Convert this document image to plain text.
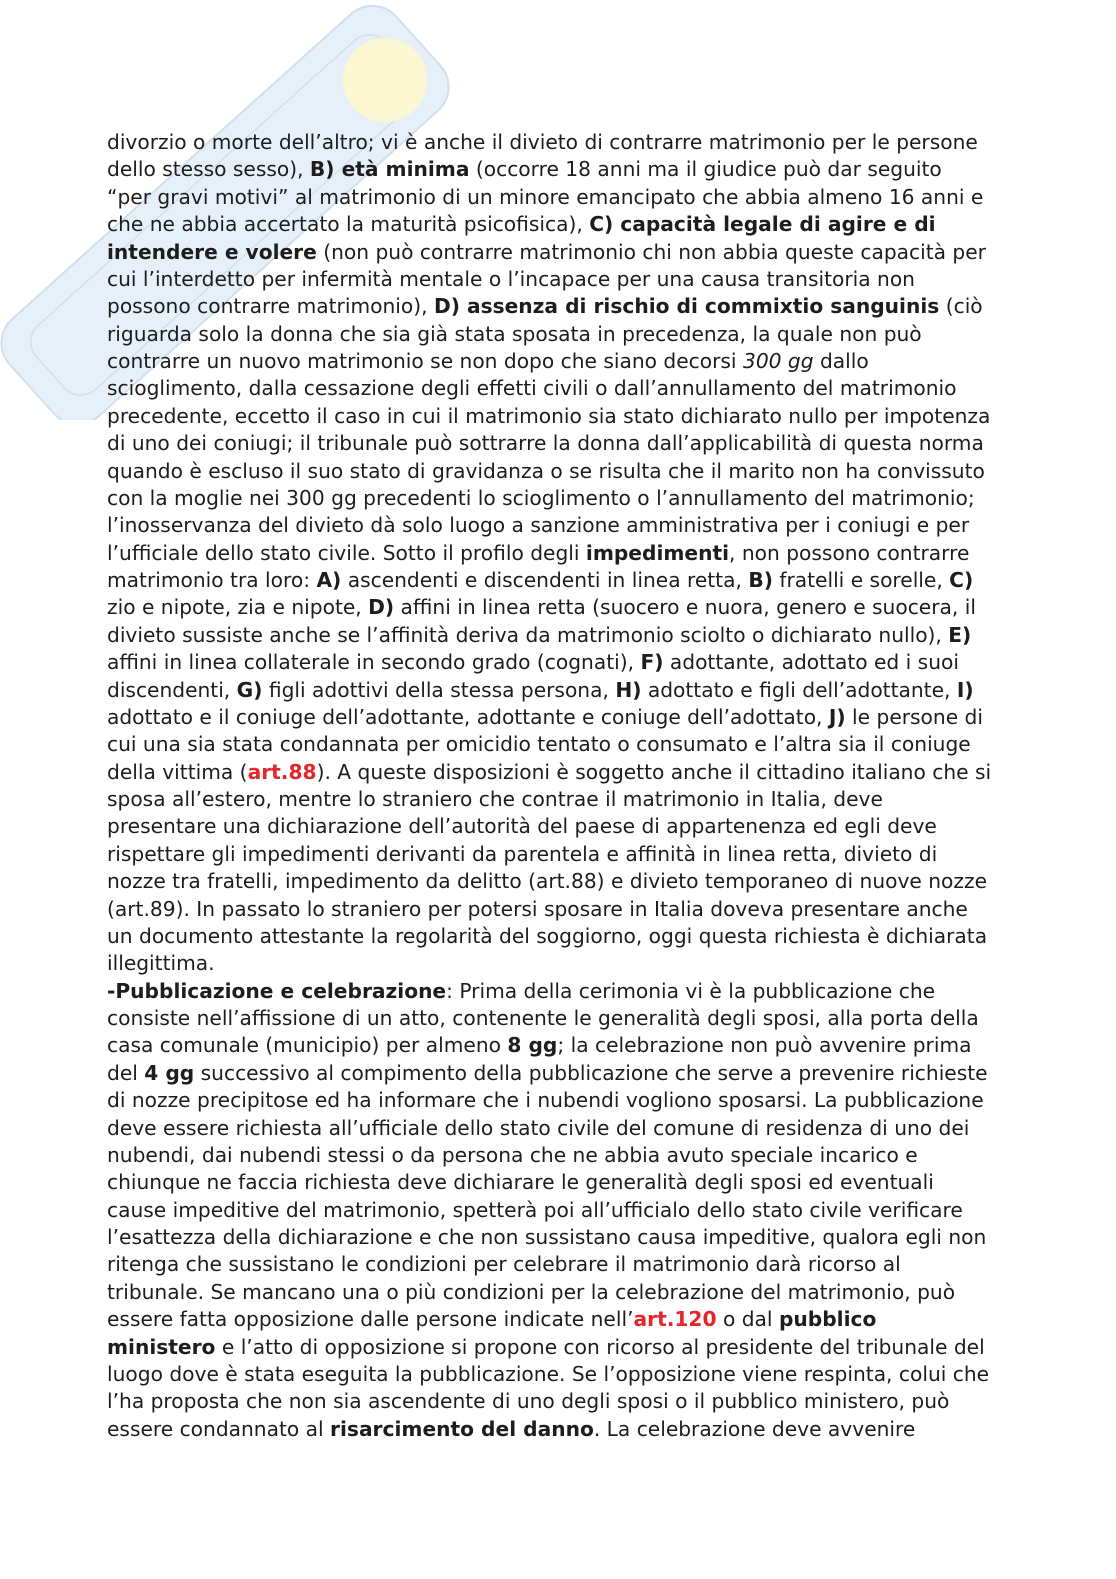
divorzio o morte dell’altro; vi è anche il divieto di contrarre matrimonio per le persone
dello stesso sesso), B) età minima (occorre 18 anni ma il giudice può dar seguito
“per gravi motivi” al matrimonio di un minore emancipato che abbia almeno 16 anni e
che ne abbia accertato la maturità psicofisica), C) capacità legale di agire e di
intendere e volere (non può contrarre matrimonio chi non abbia queste capacità per
cui l’interdetto per infermità mentale o l’incapace per una causa transitoria non
possono contrarre matrimonio), D) assenza di rischio di commixtio sanguinis (ciò
riguarda solo la donna che sia già stata sposata in precedenza, la quale non può
contrarre un nuovo matrimonio se non dopo che siano decorsi 300 gg dallo
scioglimento, dalla cessazione degli effetti civili o dall’annullamento del matrimonio
precedente, eccetto il caso in cui il matrimonio sia stato dichiarato nullo per impotenza
di uno dei coniugi; il tribunale può sottrarre la donna dall’applicabilità di questa norma
quando è escluso il suo stato di gravidanza o se risulta che il marito non ha convissuto
con la moglie nei 300 gg precedenti lo scioglimento o l’annullamento del matrimonio;
l’inosservanza del divieto dà solo luogo a sanzione amministrativa per i coniugi e per
l’ufficiale dello stato civile. Sotto il profilo degli impedimenti, non possono contrarre
matrimonio tra loro: A) ascendenti e discendenti in linea retta, B) fratelli e sorelle, C)
zio e nipote, zia e nipote, D) affini in linea retta (suocero e nuora, genero e suocera, il
divieto sussiste anche se l’affinità deriva da matrimonio sciolto o dichiarato nullo), E)
affini in linea collaterale in secondo grado (cognati), F) adottante, adottato ed i suoi
discendenti, G) figli adottivi della stessa persona, H) adottato e figli dell’adottante, I)
adottato e il coniuge dell’adottante, adottante e coniuge dell’adottato, J) le persone di
cui una sia stata condannata per omicidio tentato o consumato e l’altra sia il coniuge
della vittima (art.88). A queste disposizioni è soggetto anche il cittadino italiano che si
sposa all’estero, mentre lo straniero che contrae il matrimonio in Italia, deve
presentare una dichiarazione dell’autorità del paese di appartenenza ed egli deve
rispettare gli impedimenti derivanti da parentela e affinità in linea retta, divieto di
nozze tra fratelli, impedimento da delitto (art.88) e divieto temporaneo di nuove nozze
(art.89). In passato lo straniero per potersi sposare in Italia doveva presentare anche
un documento attestante la regolarità del soggiorno, oggi questa richiesta è dichiarata
illegittima.
-Pubblicazione e celebrazione: Prima della cerimonia vi è la pubblicazione che
consiste nell’affissione di un atto, contenente le generalità degli sposi, alla porta della
casa comunale (municipio) per almeno 8 gg; la celebrazione non può avvenire prima
del 4 gg successivo al compimento della pubblicazione che serve a prevenire richieste
di nozze precipitose ed ha informare che i nubendi vogliono sposarsi. La pubblicazione
deve essere richiesta all’ufficiale dello stato civile del comune di residenza di uno dei
nubendi, dai nubendi stessi o da persona che ne abbia avuto speciale incarico e
chiunque ne faccia richiesta deve dichiarare le generalità degli sposi ed eventuali
cause impeditive del matrimonio, spetterà poi all’ufficialo dello stato civile verificare
l’esattezza della dichiarazione e che non sussistano causa impeditive, qualora egli non
ritenga che sussistano le condizioni per celebrare il matrimonio darà ricorso al
tribunale. Se mancano una o più condizioni per la celebrazione del matrimonio, può
essere fatta opposizione dalle persone indicate nell’art.120 o dal pubblico
ministero e l’atto di opposizione si propone con ricorso al presidente del tribunale del
luogo dove è stata eseguita la pubblicazione. Se l’opposizione viene respinta, colui che
l’ha proposta che non sia ascendente di uno degli sposi o il pubblico ministero, può
essere condannato al risarcimento del danno. La celebrazione deve avvenire
